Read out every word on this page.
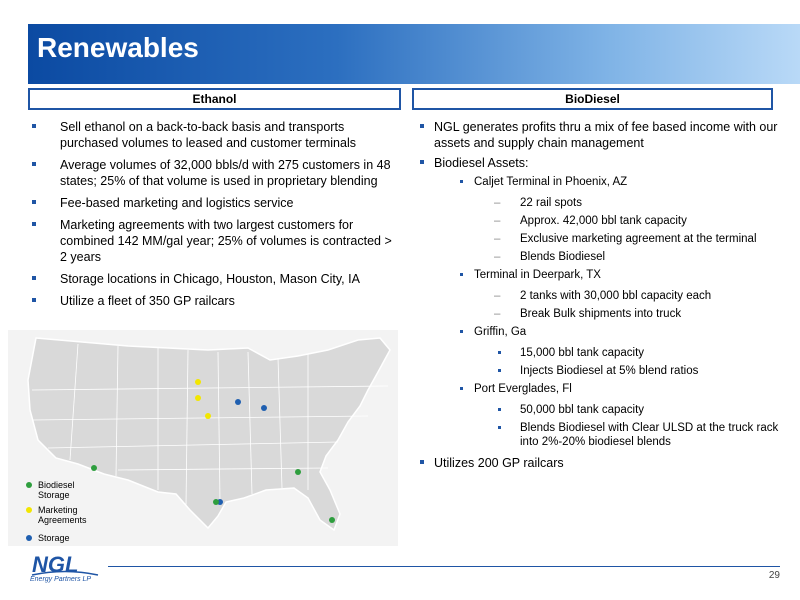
Renewables
Ethanol	BioDiesel
Sell ethanol on a back-to-back basis and transports purchased volumes to leased and customer terminals
Average volumes of 32,000 bbls/d with 275 customers in 48 states; 25% of that volume is used in proprietary blending
Fee-based marketing and logistics service
Marketing agreements with two largest customers for combined 142 MM/gal year; 25% of volumes is contracted > 2 years
Storage locations in Chicago, Houston, Mason City, IA
Utilize a fleet of 350 GP railcars
NGL generates profits thru a mix of fee based income with our assets and supply chain management
Biodiesel Assets:
Caljet Terminal in Phoenix, AZ
– 22 rail spots
– Approx. 42,000 bbl tank capacity
– Exclusive marketing agreement at the terminal
– Blends Biodiesel
Terminal in Deerpark, TX
– 2 tanks with 30,000 bbl capacity each
– Break Bulk shipments into truck
Griffin, Ga
15,000 bbl tank capacity
Injects Biodiesel at 5% blend ratios
Port Everglades, Fl
50,000 bbl tank capacity
Blends Biodiesel with Clear ULSD at the truck rack into 2%-20% biodiesel blends
Utilizes 200 GP railcars
Biodiesel Storage
Marketing Agreements
Storage
NGL
Energy Partners LP	29
